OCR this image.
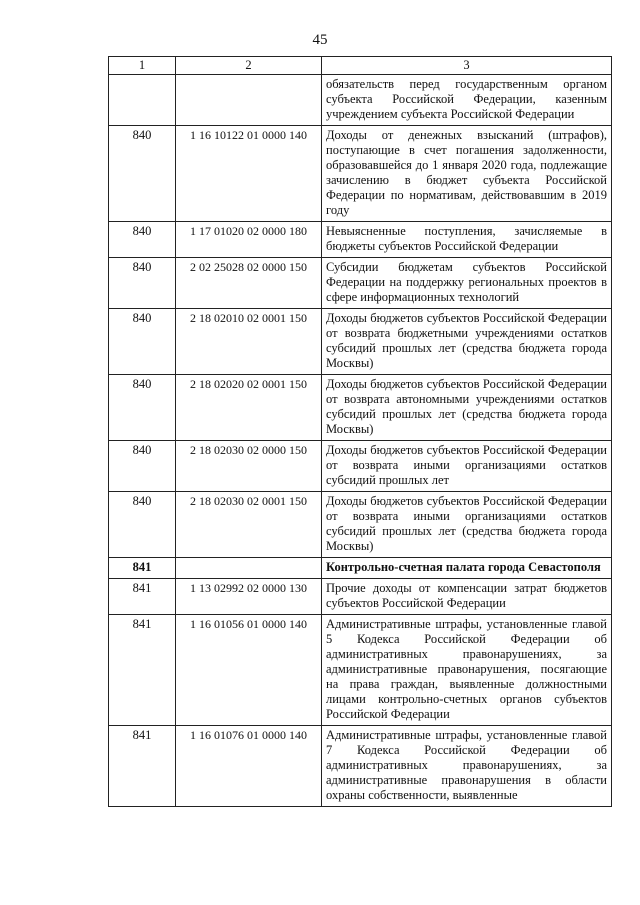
45
1	2	3
		обязательств перед государственным органом субъекта Российской Федерации, казенным учреждением субъекта Российской Федерации
840	1 16 10122 01 0000 140	Доходы от денежных взысканий (штрафов), поступающие в счет погашения задолженности, образовавшейся до 1 января 2020 года, подлежащие зачислению в бюджет субъекта Российской Федерации по нормативам, действовавшим в 2019 году
840	1 17 01020 02 0000 180	Невыясненные поступления, зачисляемые в бюджеты субъектов Российской Федерации
840	2 02 25028 02 0000 150	Субсидии бюджетам субъектов Российской Федерации на поддержку региональных проектов в сфере информационных технологий
840	2 18 02010 02 0001 150	Доходы бюджетов субъектов Российской Федерации от возврата бюджетными учреждениями остатков субсидий прошлых лет (средства бюджета города Москвы)
840	2 18 02020 02 0001 150	Доходы бюджетов субъектов Российской Федерации от возврата автономными учреждениями остатков субсидий прошлых лет (средства бюджета города Москвы)
840	2 18 02030 02 0000 150	Доходы бюджетов субъектов Российской Федерации от возврата иными организациями остатков субсидий прошлых лет
840	2 18 02030 02 0001 150	Доходы бюджетов субъектов Российской Федерации от возврата иными организациями остатков субсидий прошлых лет (средства бюджета города Москвы)
841		Контрольно-счетная палата города Севастополя
841	1 13 02992 02 0000 130	Прочие доходы от компенсации затрат бюджетов субъектов Российской Федерации
841	1 16 01056 01 0000 140	Административные штрафы, установленные главой 5 Кодекса Российской Федерации об административных правонарушениях, за административные правонарушения, посягающие на права граждан, выявленные должностными лицами контрольно-счетных органов субъектов Российской Федерации
841	1 16 01076 01 0000 140	Административные штрафы, установленные главой 7 Кодекса Российской Федерации об административных правонарушениях, за административные правонарушения в области охраны собственности, выявленные
